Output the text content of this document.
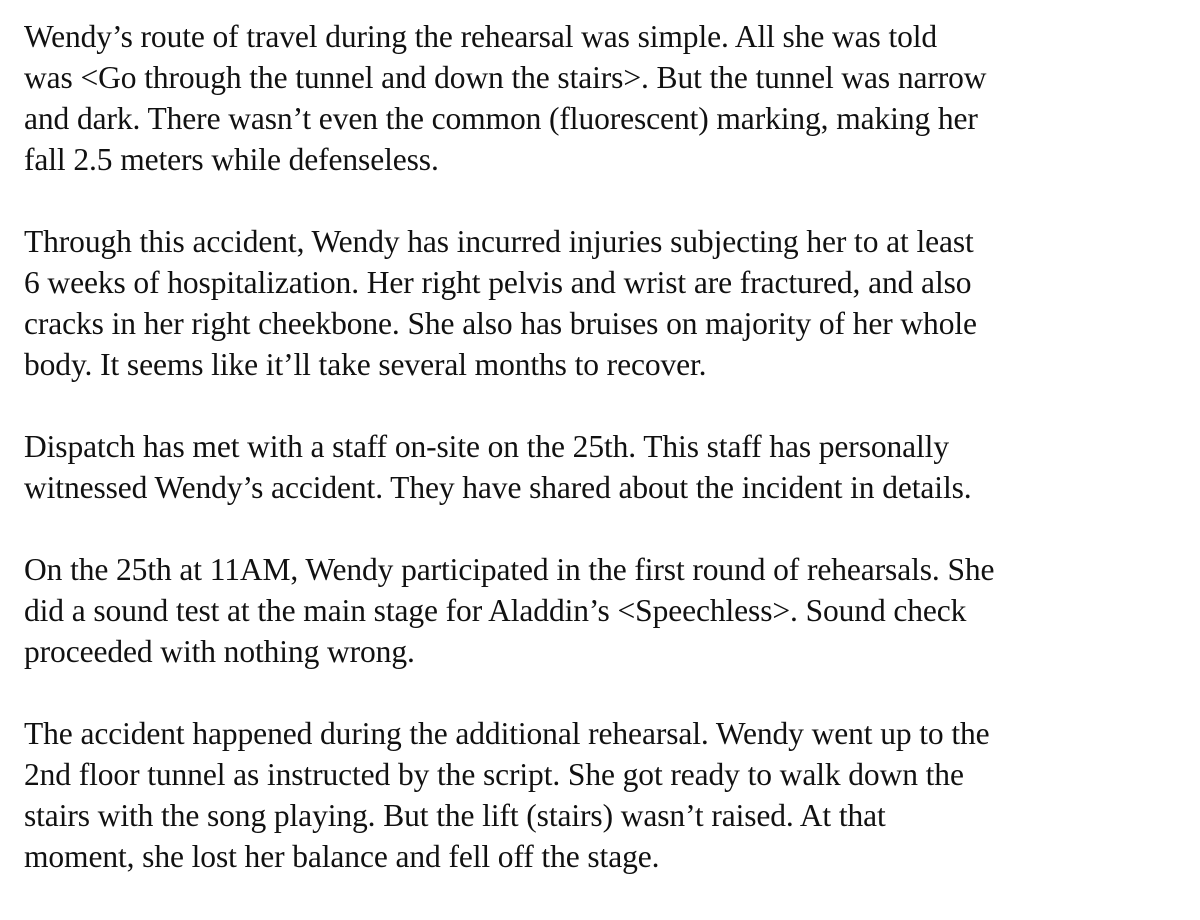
Wendy’s route of travel during the rehearsal was simple. All she was told
was <Go through the tunnel and down the stairs>. But the tunnel was narrow
and dark. There wasn’t even the common (fluorescent) marking, making her
fall 2.5 meters while defenseless.

Through this accident, Wendy has incurred injuries subjecting her to at least
6 weeks of hospitalization. Her right pelvis and wrist are fractured, and also
cracks in her right cheekbone. She also has bruises on majority of her whole
body. It seems like it’ll take several months to recover.

Dispatch has met with a staff on-site on the 25th. This staff has personally
witnessed Wendy’s accident. They have shared about the incident in details.

On the 25th at 11AM, Wendy participated in the first round of rehearsals. She
did a sound test at the main stage for Aladdin’s <Speechless>. Sound check
proceeded with nothing wrong.

The accident happened during the additional rehearsal. Wendy went up to the
2nd floor tunnel as instructed by the script. She got ready to walk down the
stairs with the song playing. But the lift (stairs) wasn’t raised. At that
moment, she lost her balance and fell off the stage.
